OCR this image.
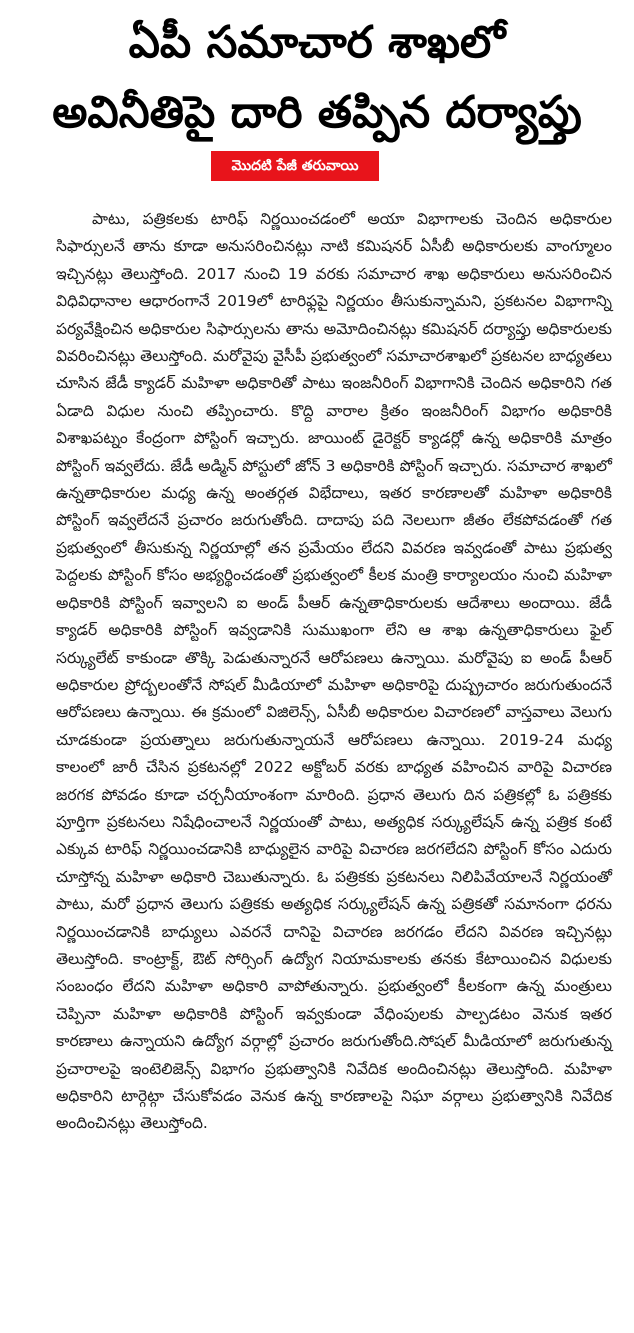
ఏపీ సమాచార శాఖలో
అవినీతిపై దారి తప్పిన దర్యాప్తు
మొదటి పేజీ తరువాయి

పాటు, పత్రికలకు టారిఫ్ నిర్ణయించడంలో అయా విభాగాలకు చెందిన అధికారుల సిఫార్సులనే తాను కూడా అనుసరించినట్లు నాటి కమిషనర్ ఏసీబీ అధికారులకు వాంగ్మూలం ఇచ్చినట్లు తెలుస్తోంది. 2017 నుంచి 19 వరకు సమాచార శాఖ అధికారులు అనుసరించిన విధివిధానాల ఆధారంగానే 2019లో టారిఫ్లపై నిర్ణయం తీసుకున్నామని, ప్రకటనల విభాగాన్ని పర్యవేక్షించిన అధికారుల సిఫార్సులను తాను అమోదించినట్లు కమిషనర్ దర్యాప్తు అధికారులకు వివరించినట్లు తెలుస్తోంది. మరోవైపు వైసీపీ ప్రభుత్వంలో సమాచారశాఖలో ప్రకటనల బాధ్యతలు చూసిన జేడీ క్యాడర్ మహిళా అధికారితో పాటు ఇంజనీరింగ్ విభాగానికి చెందిన అధికారిని గత ఏడాది విధుల నుంచి తప్పించారు. కొద్ది వారాల క్రితం ఇంజనీరింగ్ విభాగం అధికారికి విశాఖపట్నం కేంద్రంగా పోస్టింగ్ ఇచ్చారు. జాయింట్ డైరెక్టర్ క్యాడర్లో ఉన్న అధికారికి మాత్రం పోస్టింగ్ ఇవ్వలేదు. జేడీ అడ్మిన్ పోస్టులో జోన్ 3 అధికారికి పోస్టింగ్ ఇచ్చారు. సమాచార శాఖలో ఉన్నతాధికారుల మధ్య ఉన్న అంతర్గత విభేదాలు, ఇతర కారణాలతో మహిళా అధికారికి పోస్టింగ్ ఇవ్వలేదనే ప్రచారం జరుగుతోంది. దాదాపు పది నెలలుగా జీతం లేకపోవడంతో గత ప్రభుత్వంలో తీసుకున్న నిర్ణయాల్లో తన ప్రమేయం లేదని వివరణ ఇవ్వడంతో పాటు ప్రభుత్వ పెద్దలకు పోస్టింగ్ కోసం అభ్యర్థించడంతో ప్రభుత్వంలో కీలక మంత్రి కార్యాలయం నుంచి మహిళా అధికారికి పోస్టింగ్ ఇవ్వాలని ఐ అండ్ పీఆర్ ఉన్నతాధికారులకు ఆదేశాలు అందాయి. జేడీ క్యాడర్ అధికారికి పోస్టింగ్ ఇవ్వడానికి సుముఖంగా లేని ఆ శాఖ ఉన్నతాధికారులు ఫైల్ సర్క్యులేట్ కాకుండా తొక్కి పెడుతున్నారనే ఆరోపణలు ఉన్నాయి. మరోవైపు ఐ అండ్ పీఆర్ అధికారుల ప్రోద్బలంతోనే సోషల్ మీడియాలో మహిళా అధికారిపై దుష్ప్రచారం జరుగుతుందనే ఆరోపణలు ఉన్నాయి. ఈ క్రమంలో విజిలెన్స్, ఏసీబీ అధికారుల విచారణలో వాస్తవాలు వెలుగు చూడకుండా ప్రయత్నాలు జరుగుతున్నాయనే ఆరోపణలు ఉన్నాయి. 2019-24 మధ్య కాలంలో జారీ చేసిన ప్రకటనల్లో 2022 అక్టోబర్ వరకు బాధ్యత వహించిన వారిపై విచారణ జరగక పోవడం కూడా చర్చనీయాంశంగా మారింది. ప్రధాన తెలుగు దిన పత్రికల్లో ఓ పత్రికకు పూర్తిగా ప్రకటనలు నిషేధించాలనే నిర్ణయంతో పాటు, అత్యధిక సర్క్యులేషన్ ఉన్న పత్రిక కంటే ఎక్కువ టారిఫ్ నిర్ణయించడానికి బాధ్యులైన వారిపై విచారణ జరగలేదని పోస్టింగ్ కోసం ఎదురు చూస్తోన్న మహిళా అధికారి చెబుతున్నారు. ఓ పత్రికకు ప్రకటనలు నిలిపివేయాలనే నిర్ణయంతో పాటు, మరో ప్రధాన తెలుగు పత్రికకు అత్యధిక సర్క్యులేషన్ ఉన్న పత్రికతో సమానంగా ధరను నిర్ణయించడానికి బాధ్యులు ఎవరనే దానిపై విచారణ జరగడం లేదని వివరణ ఇచ్చినట్లు తెలుస్తోంది. కాంట్రాక్ట్, ఔట్ సోర్సింగ్ ఉద్యోగ నియామకాలకు తనకు కేటాయించిన విధులకు సంబంధం లేదని మహిళా అధికారి వాపోతున్నారు. ప్రభుత్వంలో కీలకంగా ఉన్న మంత్రులు చెప్పినా మహిళా అధికారికి పోస్టింగ్ ఇవ్వకుండా వేధింపులకు పాల్పడటం వెనుక ఇతర కారణాలు ఉన్నాయని ఉద్యోగ వర్గాల్లో ప్రచారం జరుగుతోంది.సోషల్ మీడియాలో జరుగుతున్న ప్రచారాలపై ఇంటెలిజెన్స్ విభాగం ప్రభుత్వానికి నివేదిక అందించినట్లు తెలుస్తోంది. మహిళా అధికారిని టార్గెట్గా చేసుకోవడం వెనుక ఉన్న కారణాలపై నిఘా వర్గాలు ప్రభుత్వానికి నివేదిక అందించినట్లు తెలుస్తోంది.
